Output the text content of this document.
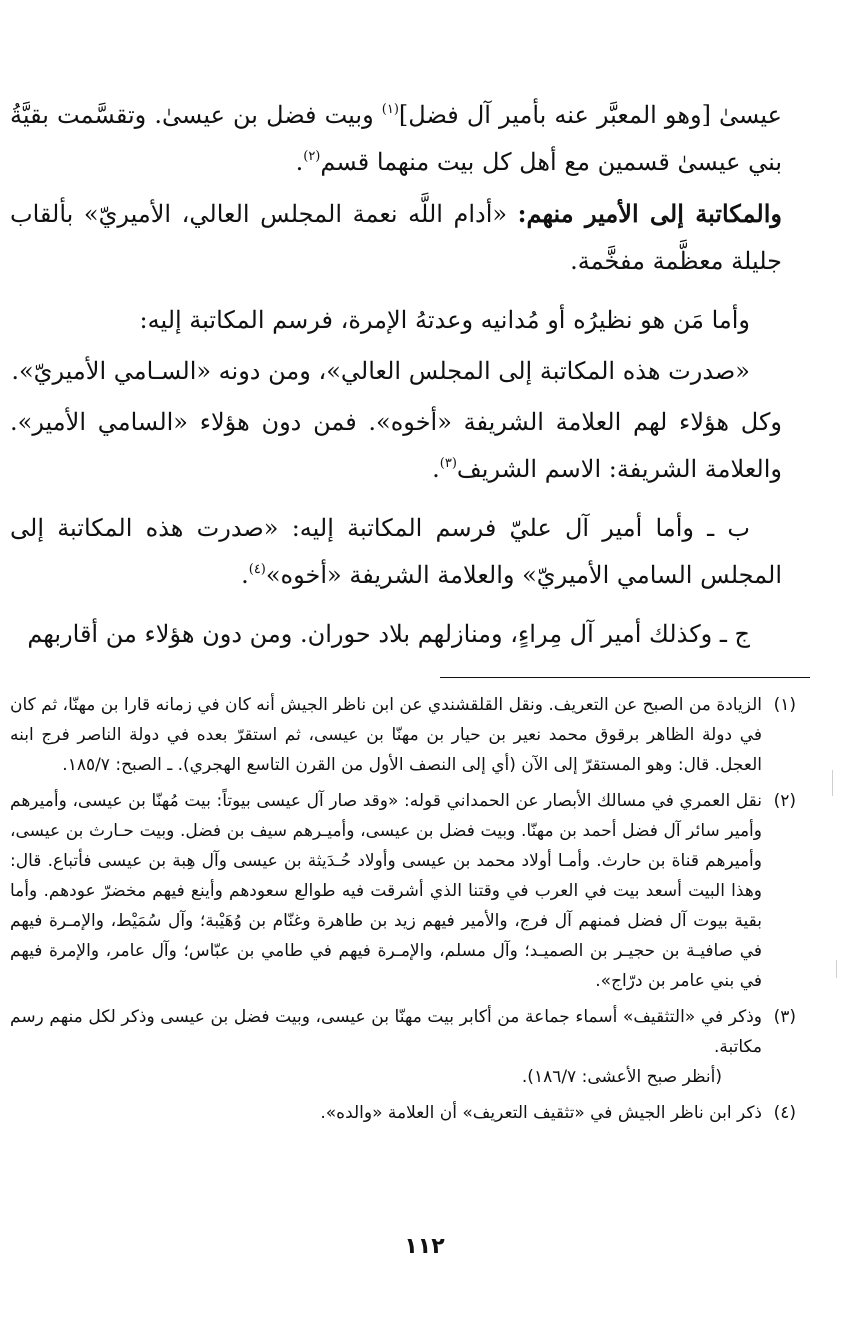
عيسىٰ [وهو المعبَّر عنه بأمير آل فضل]$^{(١)}$ وبيت فضل بن عيسىٰ. وتقسَّمت بقيَّةُ بني عيسىٰ قسمين مع أهل كل بيت منهما قسم$^{(٢)}$.

والمكاتبة إلى الأمير منهم: «أدام اللَّه نعمة المجلس العالي، الأميريّ» بألقاب جليلة معظَّمة مفخَّمة.

وأما مَن هو نظيرُه أو مُدانيه وعدتهُ الإمرة، فرسم المكاتبة إليه:

«صدرت هذه المكاتبة إلى المجلس العالي»، ومن دونه «السـامي الأميريّ».

وكل هؤلاء لهم العلامة الشريفة «أخوه». فمن دون هؤلاء «السامي الأمير». والعلامة الشريفة: الاسم الشريف$^{(٣)}$.

ب ـ وأما أمير آل عليّ فرسم المكاتبة إليه: «صدرت هذه المكاتبة إلى المجلس السامي الأميريّ» والعلامة الشريفة «أخوه»$^{(٤)}$.

ج ـ وكذلك أمير آل مِراءٍ، ومنازلهم بلاد حوران. ومن دون هؤلاء من أقاربهم

(١)
الزيادة من الصبح عن التعريف. ونقل القلقشندي عن ابن ناظر الجيش أنه كان في زمانه قارا بن مهنّا، ثم كان في دولة الظاهر برقوق محمد نعير بن حيار بن مهنّا بن عيسى، ثم استقرّ بعده في دولة الناصر فرج ابنه العجل. قال: وهو المستقرّ إلى الآن (أي إلى النصف الأول من القرن التاسع الهجري). ـ الصبح: ١٨٥/٧.
(٢)
نقل العمري في مسالك الأبصار عن الحمداني قوله: «وقد صار آل عيسى بيوتاً: بيت مُهنّا بن عيسى، وأميرهم وأمير سائر آل فضل أحمد بن مهنّا. وبيت فضل بن عيسى، وأميـرهم سيف بن فضل. وبيت حـارث بن عيسى، وأميرهم قناة بن حارث. وأمـا أولاد محمد بن عيسى وأولاد حُـدَيثة بن عيسى وآل هِبة بن عيسى فأتباع. قال: وهذا البيت أسعد بيت في العرب في وقتنا الذي أشرقت فيه طوالع سعودهم وأينع فيهم مخضرّ عودهم. وأما بقية بيوت آل فضل فمنهم آل فرج، والأمير فيهم زيد بن طاهرة وغنّام بن وُهَيْبة؛ وآل سُمَيْط، والإمـرة فيهم في صافيـة بن حجيـر بن الصميـد؛ وآل مسلم، والإمـرة فيهم في طامي بن عبّاس؛ وآل عامر، والإمرة فيهم في بني عامر بن درّاج».
(٣)
وذكر في «التثقيف» أسماء جماعة من أكابر بيت مهنّا بن عيسى، وبيت فضل بن عيسى وذكر لكل منهم رسم مكاتبة.
(أنظر صبح الأعشى: ١٨٦/٧).
(٤)
ذكر ابن ناظر الجيش في «تثقيف التعريف» أن العلامة «والده».
١١٢
